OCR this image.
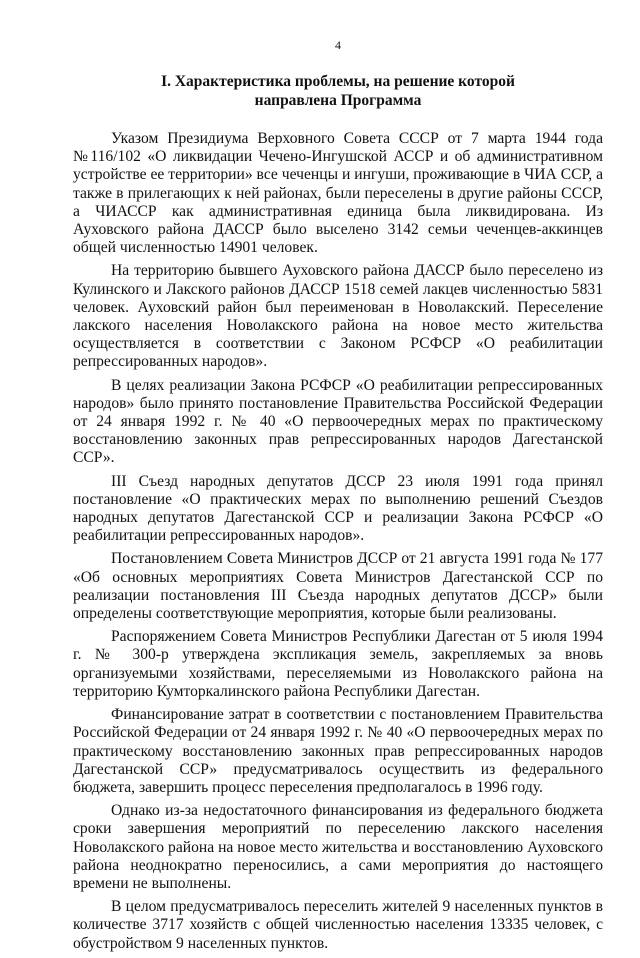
4
I. Характеристика проблемы, на решение которой
направлена Программа

Указом Президиума Верховного Совета СССР от 7 марта 1944 года №116/102 «О ликвидации Чечено-Ингушской АССР и об административном устройстве ее территории» все чеченцы и ингуши, проживающие в ЧИА ССР, а также в прилегающих к ней районах, были переселены в другие районы СССР, а ЧИАССР как административная единица была ликвидирована. Из Ауховского района ДАССР было выселено 3142 семьи чеченцев-аккинцев общей численностью 14901 человек.

На территорию бывшего Ауховского района ДАССР было переселено из Кулинского и Лакского районов ДАССР 1518 семей лакцев численностью 5831 человек. Ауховский район был переименован в Новолакский. Переселение лакского населения Новолакского района на новое место жительства осуществляется в соответствии с Законом РСФСР «О реабилитации репрессированных народов».

В целях реализации Закона РСФСР «О реабилитации репрессированных народов» было принято постановление Правительства Российской Федерации от 24 января 1992 г. № 40 «О первоочередных мерах по практическому восстановлению законных прав репрессированных народов Дагестанской ССР».

III Съезд народных депутатов ДССР 23 июля 1991 года принял постановление «О практических мерах по выполнению решений Съездов народных депутатов Дагестанской ССР и реализации Закона РСФСР «О реабилитации репрессированных народов».

Постановлением Совета Министров ДССР от 21 августа 1991 года № 177 «Об основных мероприятиях Совета Министров Дагестанской ССР по реализации постановления III Съезда народных депутатов ДССР» были определены соответствующие мероприятия, которые были реализованы.

Распоряжением Совета Министров Республики Дагестан от 5 июля 1994 г. № 300-р утверждена экспликация земель, закрепляемых за вновь организуемыми хозяйствами, переселяемыми из Новолакского района на территорию Кумторкалинского района Республики Дагестан.

Финансирование затрат в соответствии с постановлением Правительства Российской Федерации от 24 января 1992 г. № 40 «О первоочередных мерах по практическому восстановлению законных прав репрессированных народов Дагестанской ССР» предусматривалось осуществить из федерального бюджета, завершить процесс переселения предполагалось в 1996 году.

Однако из-за недостаточного финансирования из федерального бюджета сроки завершения мероприятий по переселению лакского населения Новолакского района на новое место жительства и восстановлению Ауховского района неоднократно переносились, а сами мероприятия до настоящего времени не выполнены.

В целом предусматривалось переселить жителей 9 населенных пунктов в количестве 3717 хозяйств с общей численностью населения 13335 человек, с обустройством 9 населенных пунктов.
